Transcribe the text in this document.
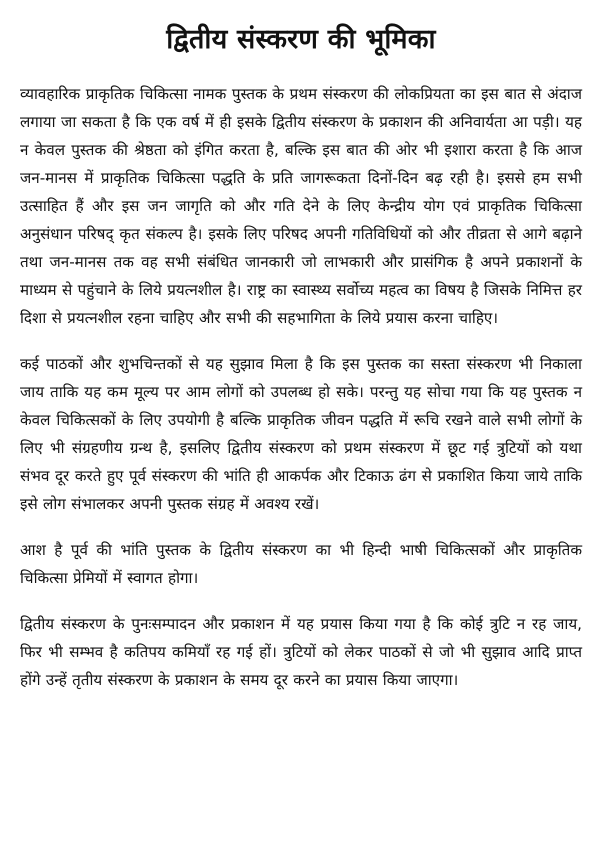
द्वितीय संस्करण की भूमिका

व्यावहारिक प्राकृतिक चिकित्सा नामक पुस्तक के प्रथम संस्करण की लोकप्रियता का इस बात से अंदाज लगाया जा सकता है कि एक वर्ष में ही इसके द्वितीय संस्करण के प्रकाशन की अनिवार्यता आ पड़ी। यह न केवल पुस्तक की श्रेष्ठता को इंगित करता है, बल्कि इस बात की ओर भी इशारा करता है कि आज जन-मानस में प्राकृतिक चिकित्सा पद्धति के प्रति जागरूकता दिनों-दिन बढ़ रही है। इससे हम सभी उत्साहित हैं और इस जन जागृति को और गति देने के लिए केन्द्रीय योग एवं प्राकृतिक चिकित्सा अनुसंधान परिषद् कृत संकल्प है। इसके लिए परिषद अपनी गतिविधियों को और तीव्रता से आगे बढ़ाने तथा जन-मानस तक वह सभी संबंधित जानकारी जो लाभकारी और प्रासंगिक है अपने प्रकाशनों के माध्यम से पहुंचाने के लिये प्रयत्नशील है। राष्ट्र का स्वास्थ्य सर्वोच्य महत्व का विषय है जिसके निमित्त हर दिशा से प्रयत्नशील रहना चाहिए और सभी की सहभागिता के लिये प्रयास करना चाहिए।

कई पाठकों और शुभचिन्तकों से यह सुझाव मिला है कि इस पुस्तक का सस्ता संस्करण भी निकाला जाय ताकि यह कम मूल्य पर आम लोगों को उपलब्ध हो सके। परन्तु यह सोचा गया कि यह पुस्तक न केवल चिकित्सकों के लिए उपयोगी है बल्कि प्राकृतिक जीवन पद्धति में रूचि रखने वाले सभी लोगों के लिए भी संग्रहणीय ग्रन्थ है, इसलिए द्वितीय संस्करण को प्रथम संस्करण में छूट गई त्रुटियों को यथा संभव दूर करते हुए पूर्व संस्करण की भांति ही आकर्पक और टिकाऊ ढंग से प्रकाशित किया जाये ताकि इसे लोग संभालकर अपनी पुस्तक संग्रह में अवश्य रखें।

आश है पूर्व की भांति पुस्तक के द्वितीय संस्करण का भी हिन्दी भाषी चिकित्सकों और प्राकृतिक चिकित्सा प्रेमियों में स्वागत होगा।

द्वितीय संस्करण के पुनःसम्पादन और प्रकाशन में यह प्रयास किया गया है कि कोई त्रुटि न रह जाय, फिर भी सम्भव है कतिपय कमियाँ रह गई हों। त्रुटियों को लेकर पाठकों से जो भी सुझाव आदि प्राप्त होंगे उन्हें तृतीय संस्करण के प्रकाशन के समय दूर करने का प्रयास किया जाएगा।
